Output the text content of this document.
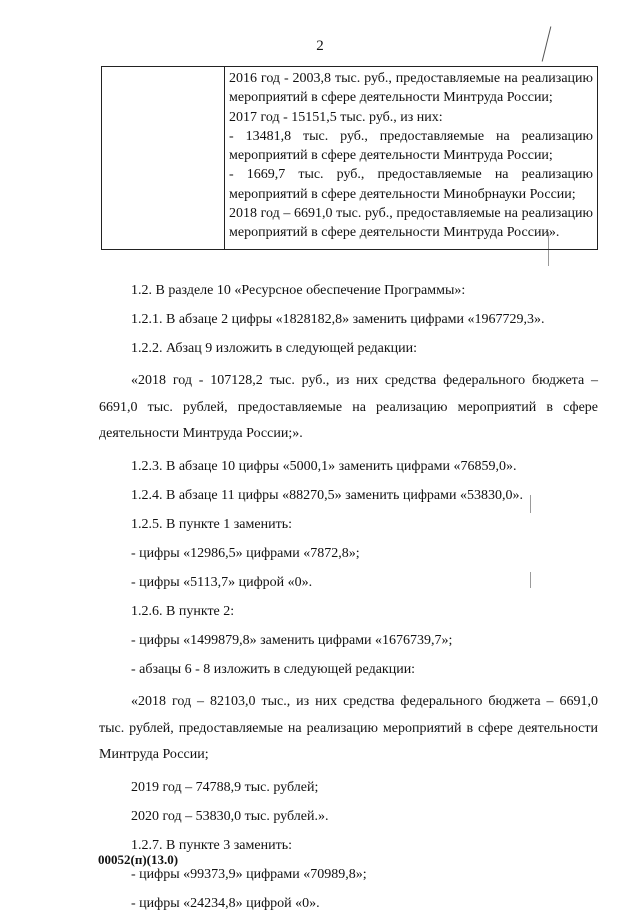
2

2016 год - 2003,8 тыс. руб., предоставляемые на реализацию мероприятий в сфере деятельности Минтруда России;
2017 год - 15151,5 тыс. руб., из них:
- 13481,8 тыс. руб., предоставляемые на реализацию мероприятий в сфере деятельности Минтруда России;
- 1669,7 тыс. руб., предоставляемые на реализацию мероприятий в сфере деятельности Минобрнауки России;
2018 год – 6691,0 тыс. руб., предоставляемые на реализацию мероприятий в сфере деятельности Минтруда России».

1.2. В разделе 10 «Ресурсное обеспечение Программы»:

1.2.1. В абзаце 2 цифры «1828182,8» заменить цифрами «1967729,3».

1.2.2. Абзац 9 изложить в следующей редакции:

«2018 год - 107128,2 тыс. руб., из них средства федерального бюджета – 6691,0 тыс. рублей, предоставляемые на реализацию мероприятий в сфере деятельности Минтруда России;».

1.2.3. В абзаце 10 цифры «5000,1» заменить цифрами «76859,0».

1.2.4. В абзаце 11 цифры «88270,5» заменить цифрами «53830,0».

1.2.5. В пункте 1 заменить:

- цифры «12986,5» цифрами «7872,8»;

- цифры «5113,7» цифрой «0».

1.2.6. В пункте 2:

- цифры «1499879,8» заменить цифрами «1676739,7»;

- абзацы 6 - 8 изложить в следующей редакции:

«2018 год – 82103,0 тыс., из них средства федерального бюджета – 6691,0 тыс. рублей, предоставляемые на реализацию мероприятий в сфере деятельности Минтруда России;

2019 год – 74788,9 тыс. рублей;

2020 год – 53830,0 тыс. рублей.».

1.2.7. В пункте 3 заменить:

- цифры «99373,9» цифрами «70989,8»;

- цифры «24234,8» цифрой «0».

00052(п)(13.0)
